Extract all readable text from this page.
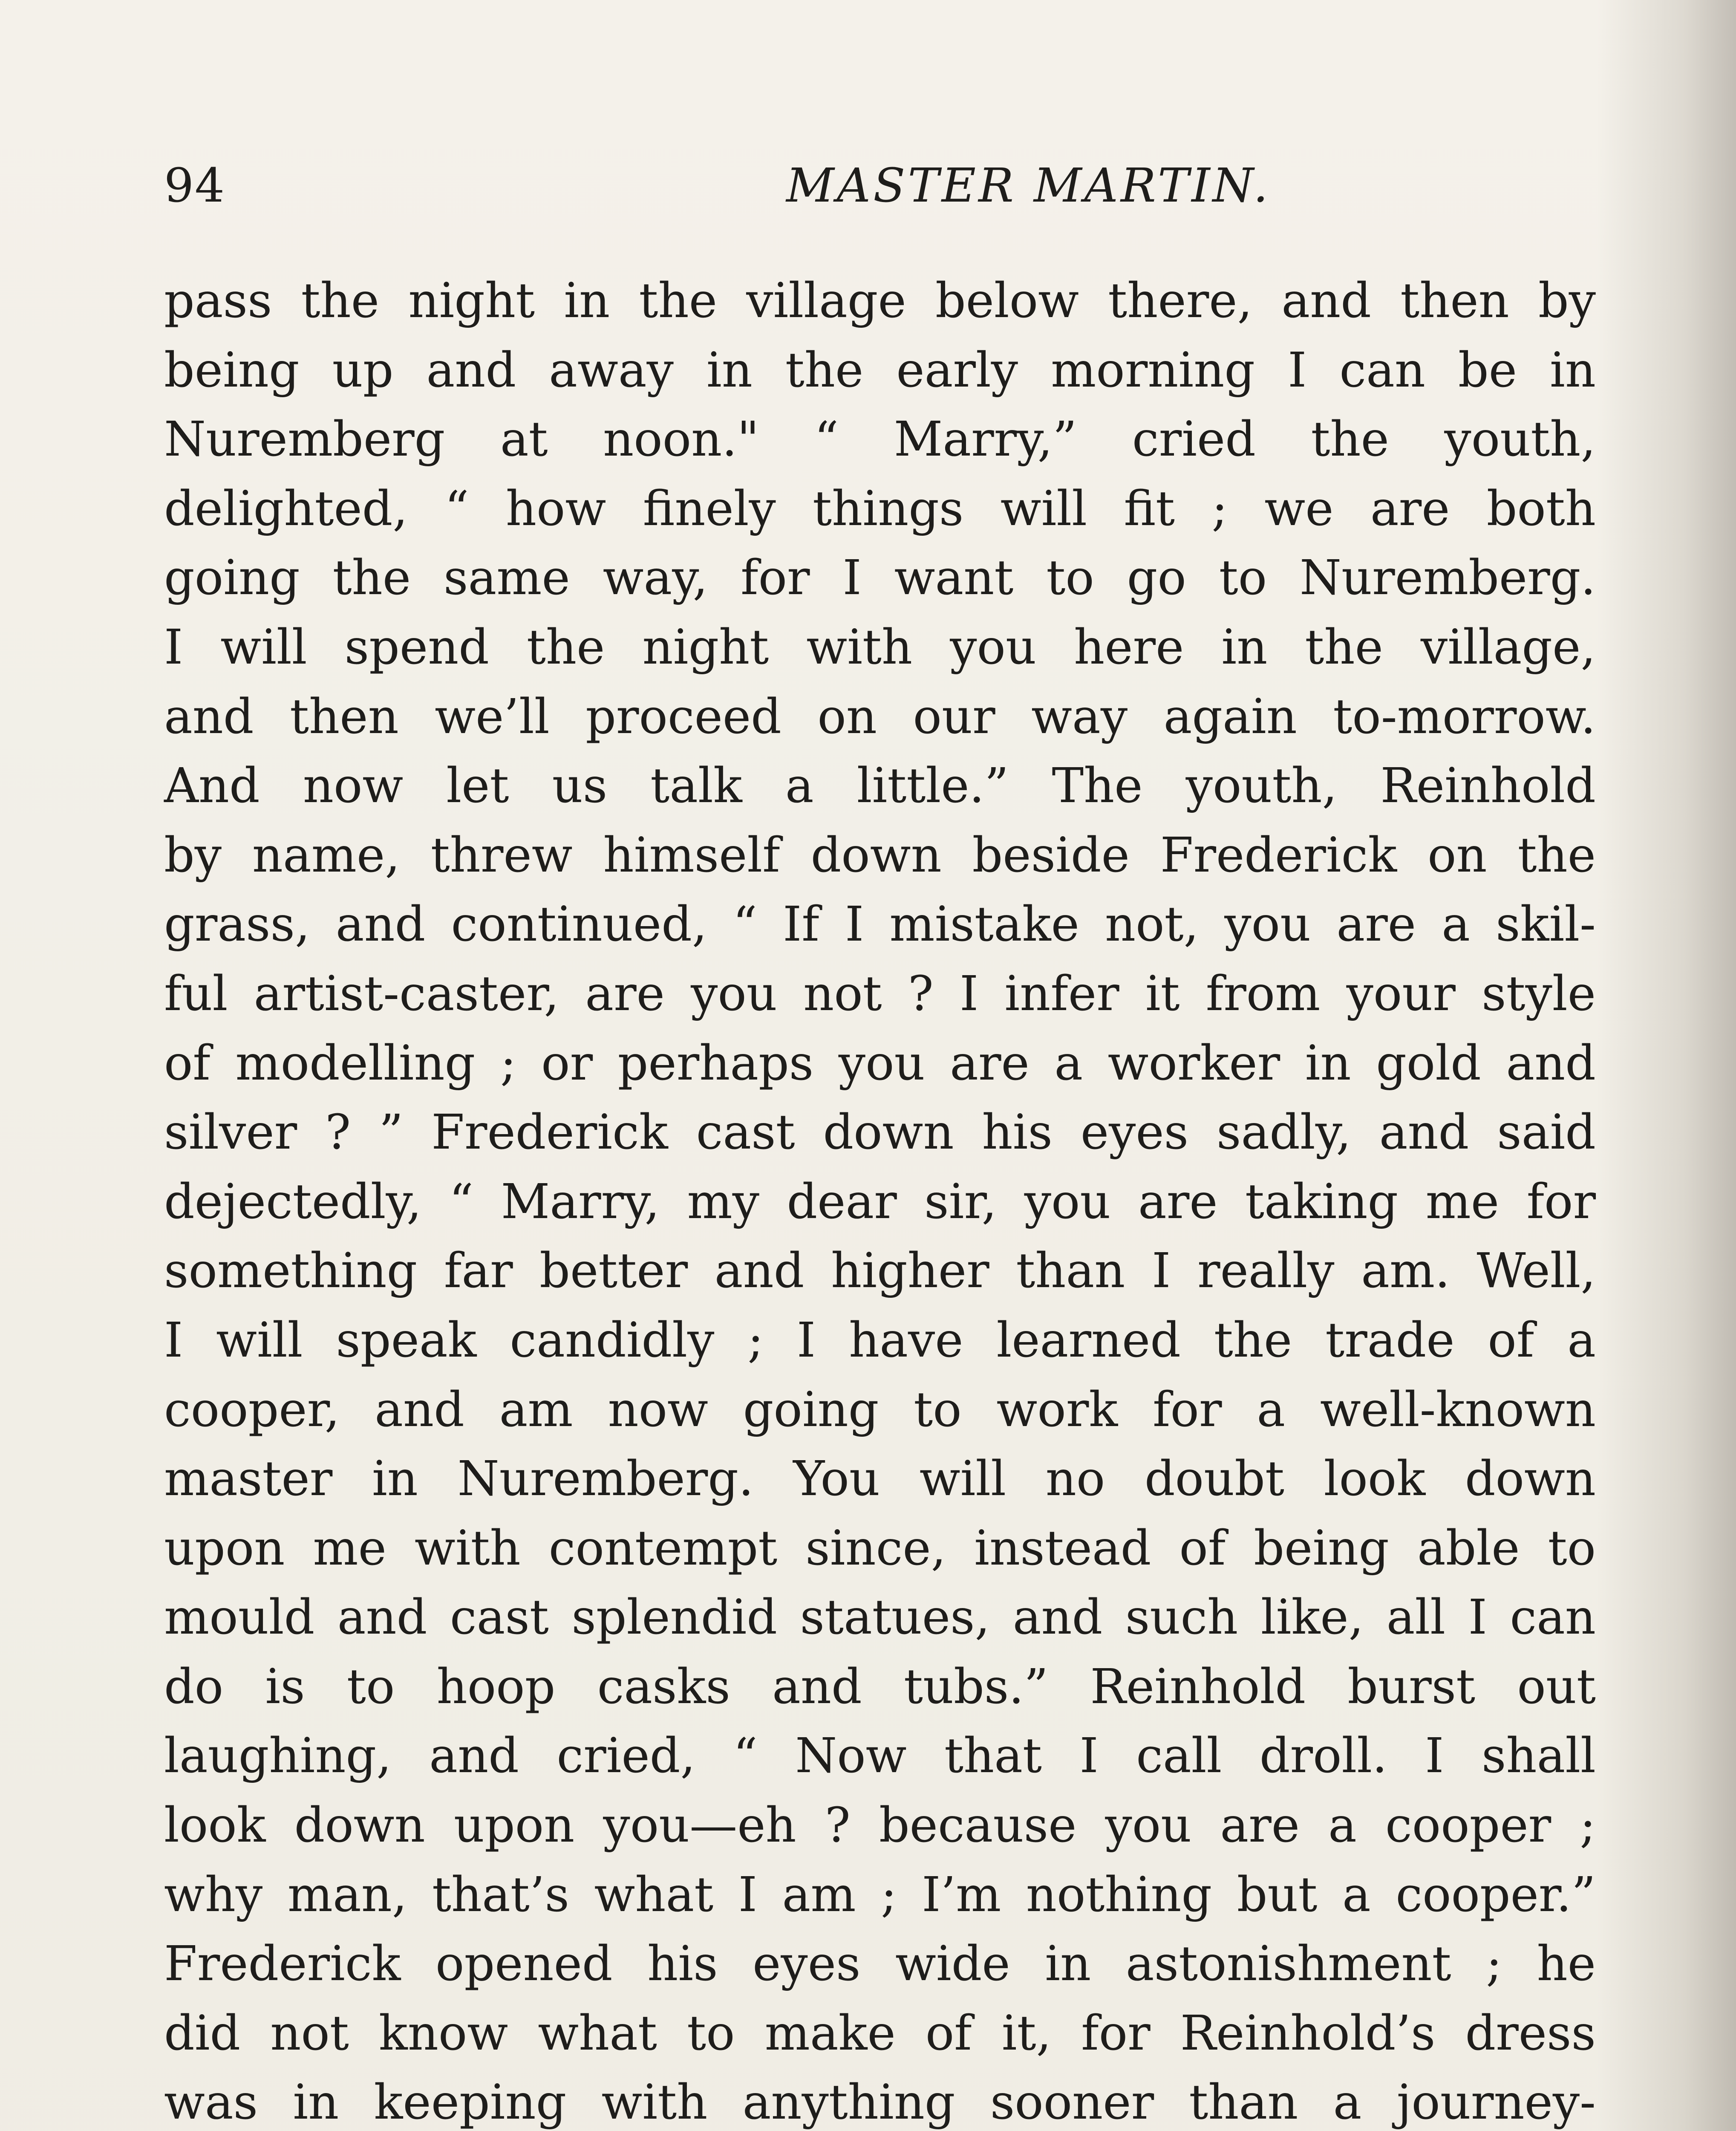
94	MASTER MARTIN.
pass the night in the village below there, and then by
being up and away in the early morning I can be in
Nuremberg at noon." “ Marry,” cried the youth,
delighted, “ how finely things will fit ; we are both
going the same way, for I want to go to Nuremberg.
I will spend the night with you here in the village,
and then we’ll proceed on our way again to-morrow.
And now let us talk a little.” The youth, Reinhold
by name, threw himself down beside Frederick on the
grass, and continued, “ If I mistake not, you are a skil-
ful artist-caster, are you not ? I infer it from your style
of modelling ; or perhaps you are a worker in gold and
silver ? ” Frederick cast down his eyes sadly, and said
dejectedly, “ Marry, my dear sir, you are taking me for
something far better and higher than I really am. Well,
I will speak candidly ; I have learned the trade of a
cooper, and am now going to work for a well-known
master in Nuremberg. You will no doubt look down
upon me with contempt since, instead of being able to
mould and cast splendid statues, and such like, all I can
do is to hoop casks and tubs.” Reinhold burst out
laughing, and cried, “ Now that I call droll. I shall
look down upon you—eh ? because you are a cooper ;
why man, that’s what I am ; I’m nothing but a cooper.”
Frederick opened his eyes wide in astonishment ; he
did not know what to make of it, for Reinhold’s dress
was in keeping with anything sooner than a journey-
